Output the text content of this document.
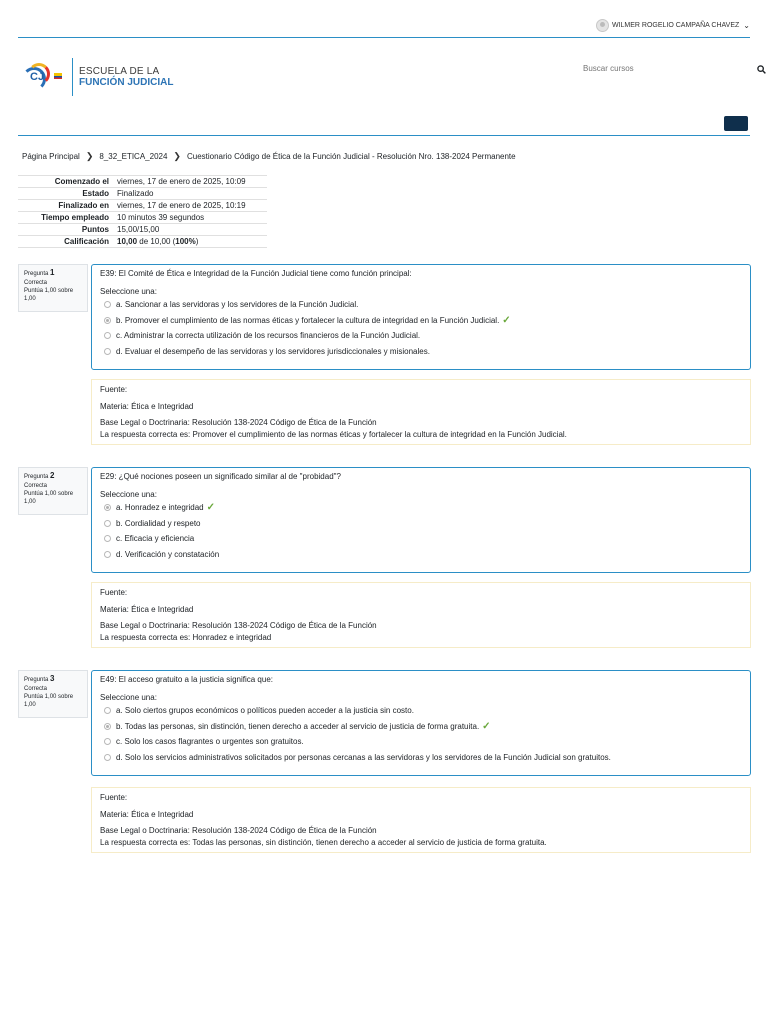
WILMER ROGELIO CAMPAÑA CHAVEZ ⌄
CJ	ESCUELA DE LA
FUNCIÓN JUDICIAL
Buscar cursos
Página Principal ❯ 8_32_ETICA_2024 ❯ Cuestionario Código de Ética de la Función Judicial - Resolución Nro. 138-2024 Permanente
Comenzado el	viernes, 17 de enero de 2025, 10:09
Estado	Finalizado
Finalizado en	viernes, 17 de enero de 2025, 10:19
Tiempo empleado	10 minutos 39 segundos
Puntos	15,00/15,00
Calificación	10,00 de 10,00 (100%)
Pregunta 1
Correcta
Puntúa 1,00 sobre 1,00
E39: El Comité de Ética e Integridad de la Función Judicial tiene como función principal:
Seleccione una:
a. Sancionar a las servidoras y los servidores de la Función Judicial.
b. Promover el cumplimiento de las normas éticas y fortalecer la cultura de integridad en la Función Judicial. ✓
c. Administrar la correcta utilización de los recursos financieros de la Función Judicial.
d. Evaluar el desempeño de las servidoras y los servidores jurisdiccionales y misionales.
Fuente:
Materia: Ética e Integridad
Base Legal o Doctrinaria: Resolución 138-2024 Código de Ética de la Función
La respuesta correcta es: Promover el cumplimiento de las normas éticas y fortalecer la cultura de integridad en la Función Judicial.
Pregunta 2
Correcta
Puntúa 1,00 sobre 1,00
E29: ¿Qué nociones poseen un significado similar al de "probidad"?
Seleccione una:
a. Honradez e integridad ✓
b. Cordialidad y respeto
c. Eficacia y eficiencia
d. Verificación y constatación
Fuente:
Materia: Ética e Integridad
Base Legal o Doctrinaria: Resolución 138-2024 Código de Ética de la Función
La respuesta correcta es: Honradez e integridad
Pregunta 3
Correcta
Puntúa 1,00 sobre 1,00
E49: El acceso gratuito a la justicia significa que:
Seleccione una:
a. Solo ciertos grupos económicos o políticos pueden acceder a la justicia sin costo.
b. Todas las personas, sin distinción, tienen derecho a acceder al servicio de justicia de forma gratuita. ✓
c. Solo los casos flagrantes o urgentes son gratuitos.
d. Solo los servicios administrativos solicitados por personas cercanas a las servidoras y los servidores de la Función Judicial son gratuitos.
Fuente:
Materia: Ética e Integridad
Base Legal o Doctrinaria: Resolución 138-2024 Código de Ética de la Función
La respuesta correcta es: Todas las personas, sin distinción, tienen derecho a acceder al servicio de justicia de forma gratuita.
